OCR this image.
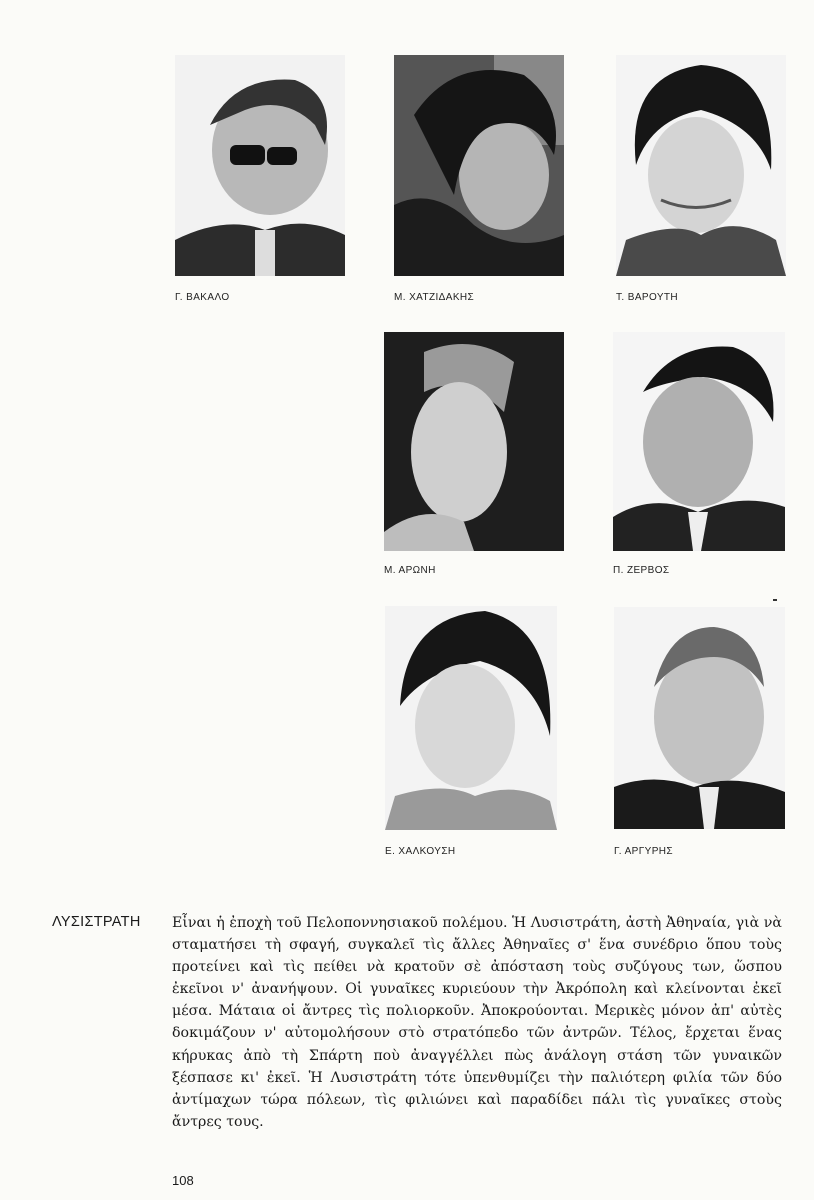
Γ. ΒΑΚΑΛΟ	Μ. ΧΑΤΖΙΔΑΚΗΣ	Τ. ΒΑΡΟΥΤΗ
Μ. ΑΡΩΝΗ	Π. ΖΕΡΒΟΣ
Ε. ΧΑΛΚΟΥΣΗ	Γ. ΑΡΓΥΡΗΣ
ΛΥΣΙΣΤΡΑΤΗ Εἶναι ἡ ἐποχὴ τοῦ Πελοποννησιακοῦ πολέμου. Ἡ Λυσιστράτη, ἀστὴ Ἀθηναία, γιὰ νὰ σταματήσει τὴ σφαγή, συγκαλεῖ τὶς ἄλλες Ἀθηναῖες σ' ἕνα συνέδριο ὅπου τοὺς προτείνει καὶ τὶς πείθει νὰ κρατοῦν σὲ ἀπόσταση τοὺς συζύγους των, ὥσπου ἐκεῖνοι ν' ἀνανήψουν. Οἱ γυναῖκες κυριεύουν τὴν Ἀκρόπολη καὶ κλείνονται ἐκεῖ μέσα. Μάταια οἱ ἄντρες τὶς πολιορκοῦν. Ἀποκρούονται. Μερικὲς μόνον ἀπ' αὐτὲς δοκιμάζουν ν' αὐτομολήσουν στὸ στρατόπεδο τῶν ἀντρῶν. Τέλος, ἔρχεται ἕνας κήρυκας ἀπὸ τὴ Σπάρτη ποὺ ἀναγγέλλει πὼς ἀνάλογη στάση τῶν γυναικῶν ξέσπασε κι' ἐκεῖ. Ἡ Λυσιστράτη τότε ὑπενθυμίζει τὴν παλιότερη φιλία τῶν δύο ἀντίμαχων τώρα πόλεων, τὶς φιλιώνει καὶ παραδίδει πάλι τὶς γυναῖκες στοὺς ἄντρες τους.
108
